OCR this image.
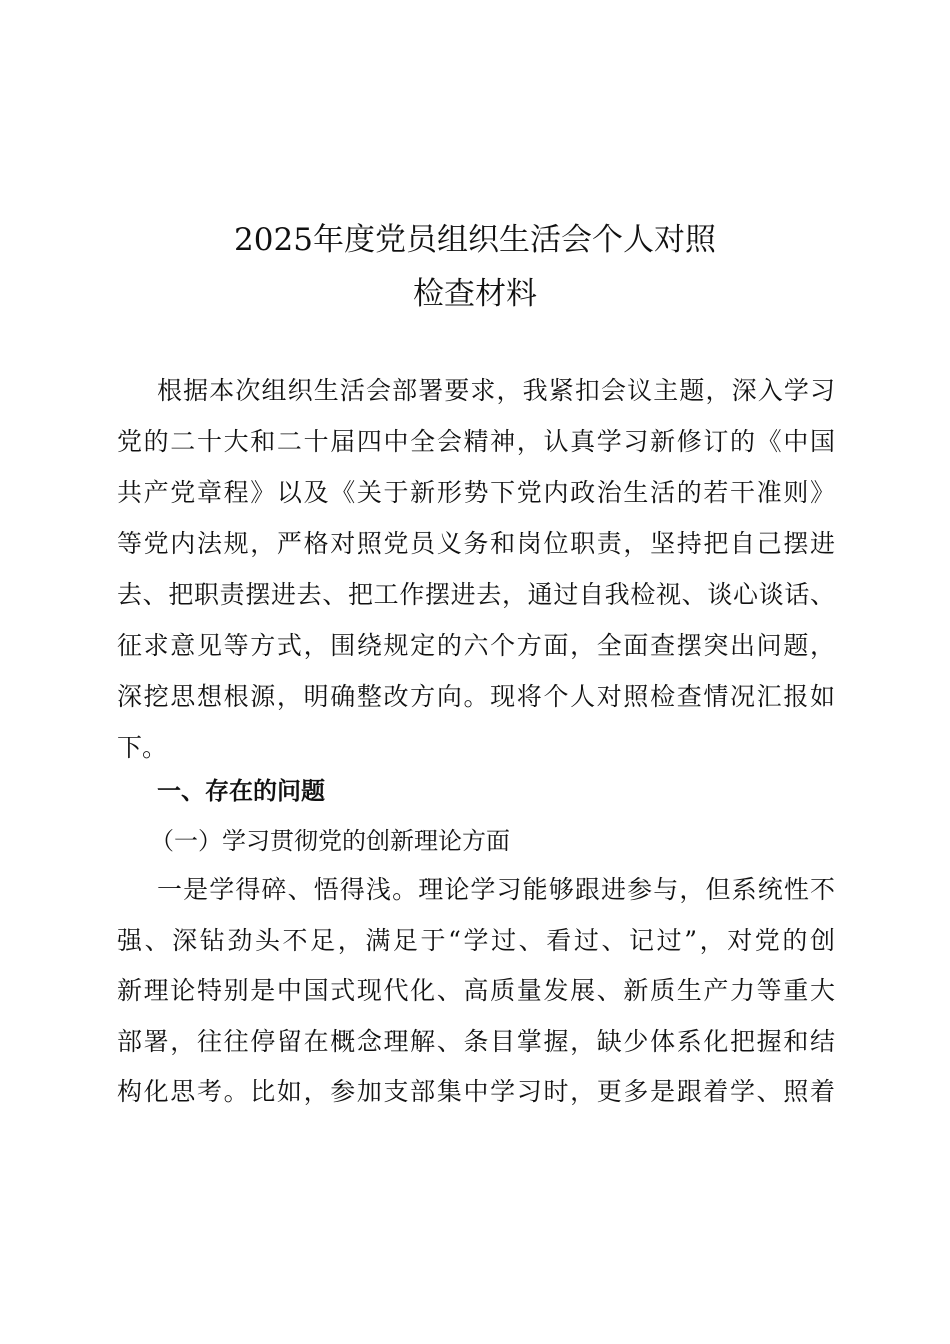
2025年度党员组织生活会个人对照
检查材料
根据本次组织生活会部署要求，我紧扣会议主题，深入学习
党的二十大和二十届四中全会精神，认真学习新修订的《中国
共产党章程》以及《关于新形势下党内政治生活的若干准则》
等党内法规，严格对照党员义务和岗位职责，坚持把自己摆进
去、把职责摆进去、把工作摆进去，通过自我检视、谈心谈话、
征求意见等方式，围绕规定的六个方面，全面查摆突出问题，
深挖思想根源，明确整改方向。现将个人对照检查情况汇报如
下。
一、存在的问题
（一）学习贯彻党的创新理论方面
一是学得碎、悟得浅。理论学习能够跟进参与，但系统性不
强、深钻劲头不足，满足于“学过、看过、记过”，对党的创
新理论特别是中国式现代化、高质量发展、新质生产力等重大
部署，往往停留在概念理解、条目掌握，缺少体系化把握和结
构化思考。比如，参加支部集中学习时，更多是跟着学、照着
